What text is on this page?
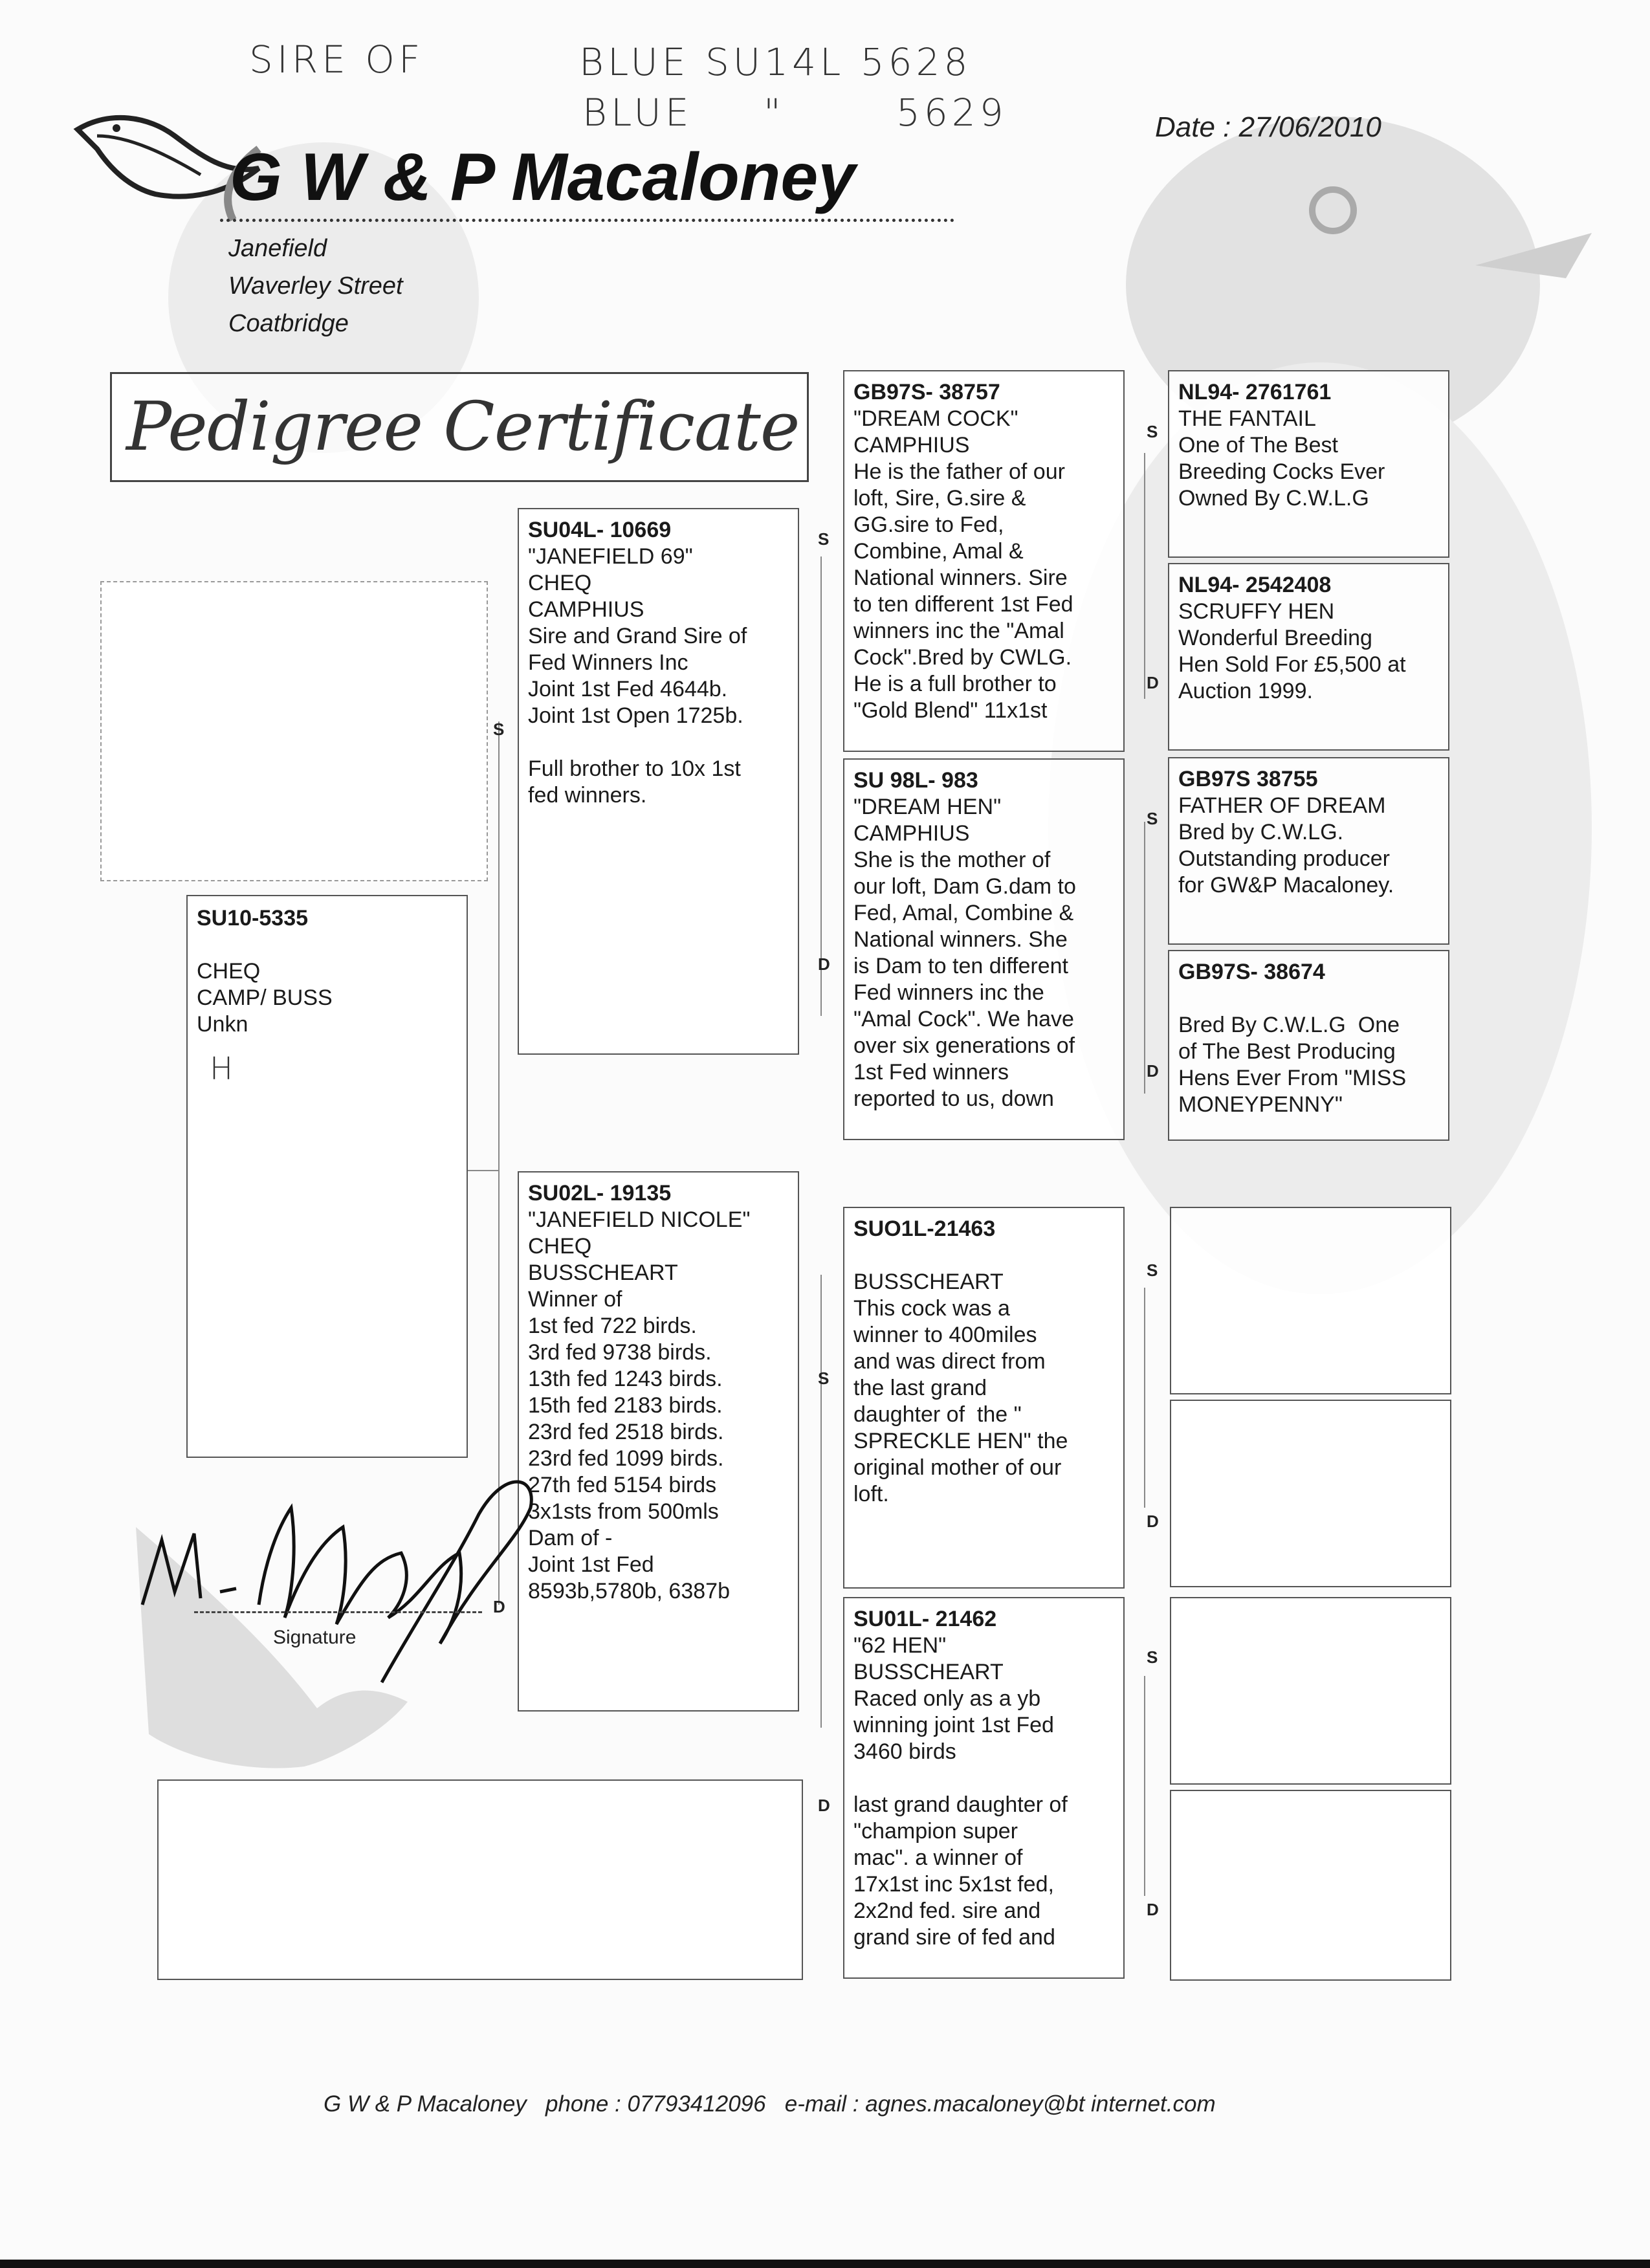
SIRE OF	BLUE SU14L 5628
BLUE "	5629
G W & P Macaloney
Date : 27/06/2010
Janefield
Waverley Street
Coatbridge
Pedigree Certificate
S
D
S
D
S
D
S
D
S
D
S
D
S
D
SU10-5335

CHEQ
CAMP/ BUSS
Unkn
H
SU04L- 10669
"JANEFIELD 69"
CHEQ
CAMPHIUS
Sire and Grand Sire of
Fed Winners Inc
Joint 1st Fed 4644b.
Joint 1st Open 1725b.

Full brother to 10x 1st
fed winners.
SU02L- 19135
"JANEFIELD NICOLE"
CHEQ
BUSSCHEART
Winner of
1st fed 722 birds.
3rd fed 9738 birds.
13th fed 1243 birds.
15th fed 2183 birds.
23rd fed 2518 birds.
23rd fed 1099 birds.
27th fed 5154 birds
3x1sts from 500mls
Dam of -
Joint 1st Fed
8593b,5780b, 6387b
GB97S- 38757
"DREAM COCK"
CAMPHIUS
He is the father of our
loft, Sire, G.sire &
GG.sire to Fed,
Combine, Amal &
National winners. Sire
to ten different 1st Fed
winners inc the "Amal
Cock".Bred by CWLG.
He is a full brother to
"Gold Blend" 11x1st
SU 98L- 983
"DREAM HEN"
CAMPHIUS
She is the mother of
our loft, Dam G.dam to
Fed, Amal, Combine &
National winners. She
is Dam to ten different
Fed winners inc the
"Amal Cock". We have
over six generations of
1st Fed winners
reported to us, down
SUO1L-21463

BUSSCHEART
This cock was a
winner to 400miles
and was direct from
the last grand
daughter of  the "
SPRECKLE HEN" the
original mother of our
loft.
SU01L- 21462
"62 HEN"
BUSSCHEART
Raced only as a yb
winning joint 1st Fed
3460 birds

last grand daughter of
"champion super
mac". a winner of
17x1st inc 5x1st fed,
2x2nd fed. sire and
grand sire of fed and
NL94- 2761761
THE FANTAIL
One of The Best
Breeding Cocks Ever
Owned By C.W.L.G
NL94- 2542408
SCRUFFY HEN
Wonderful Breeding
Hen Sold For £5,500 at
Auction 1999.
GB97S 38755
FATHER OF DREAM
Bred by C.W.LG.
Outstanding producer
for GW&P Macaloney.
GB97S- 38674

Bred By C.W.L.G  One
of The Best Producing
Hens Ever From "MISS
MONEYPENNY"
Signature
G W & P Macaloney   phone : 07793412096   e-mail : agnes.macaloney@bt internet.com
